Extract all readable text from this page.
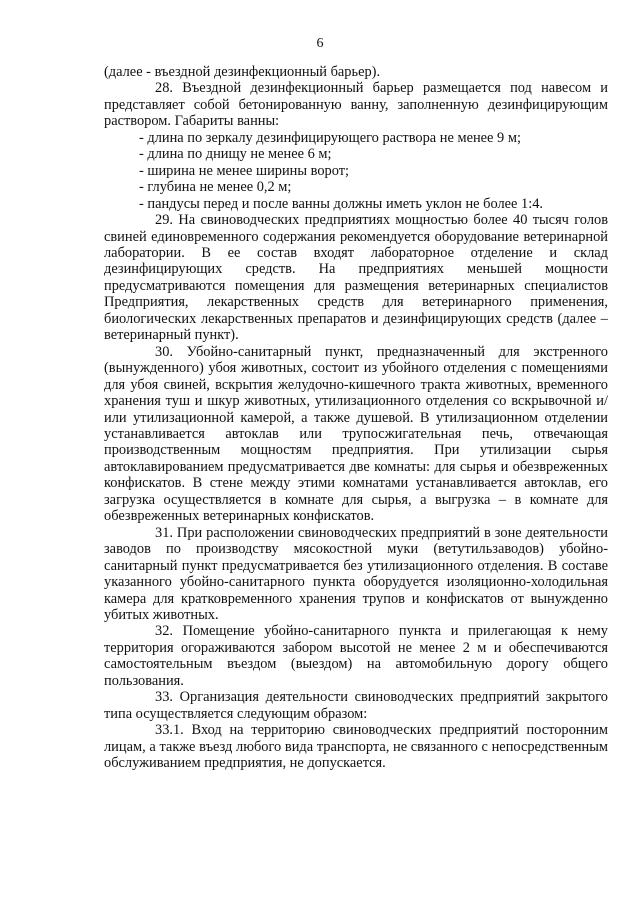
6

(далее - въездной дезинфекционный барьер).

28. Въездной дезинфекционный барьер размещается под навесом и представляет собой бетонированную ванну, заполненную дезинфицирующим раствором. Габариты ванны:

- длина по зеркалу дезинфицирующего раствора не менее 9 м;

- длина по днищу не менее 6 м;

- ширина не менее ширины ворот;

- глубина не менее 0,2 м;

- пандусы перед и после ванны должны иметь уклон не более 1:4.

29. На свиноводческих предприятиях мощностью более 40 тысяч голов свиней единовременного содержания рекомендуется оборудование ветеринарной лаборатории. В ее состав входят лабораторное отделение и склад дезинфицирующих средств. На предприятиях меньшей мощности предусматриваются помещения для размещения ветеринарных специалистов Предприятия, лекарственных средств для ветеринарного применения, биологических лекарственных препаратов и дезинфицирующих средств (далее – ветеринарный пункт).

30. Убойно-санитарный пункт, предназначенный для экстренного (вынужденного) убоя животных, состоит из убойного отделения с помещениями для убоя свиней, вскрытия желудочно-кишечного тракта животных, временного хранения туш и шкур животных, утилизационного отделения со вскрывочной и/или утилизационной камерой, а также душевой. В утилизационном отделении устанавливается автоклав или трупосжигательная печь, отвечающая производственным мощностям предприятия. При утилизации сырья автоклавированием предусматривается две комнаты: для сырья и обезвреженных конфискатов. В стене между этими комнатами устанавливается автоклав, его загрузка осуществляется в комнате для сырья, а выгрузка – в комнате для обезвреженных ветеринарных конфискатов.

31. При расположении свиноводческих предприятий в зоне деятельности заводов по производству мясокостной муки (ветутильзаводов) убойно-санитарный пункт предусматривается без утилизационного отделения. В составе указанного убойно-санитарного пункта оборудуется изоляционно-холодильная камера для кратковременного хранения трупов и конфискатов от вынужденно убитых животных.

32. Помещение убойно-санитарного пункта и прилегающая к нему территория огораживаются забором высотой не менее 2 м и обеспечиваются самостоятельным въездом (выездом) на автомобильную дорогу общего пользования.

33. Организация деятельности свиноводческих предприятий закрытого типа осуществляется следующим образом:

33.1. Вход на территорию свиноводческих предприятий посторонним лицам, а также въезд любого вида транспорта, не связанного с непосредственным обслуживанием предприятия, не допускается.
